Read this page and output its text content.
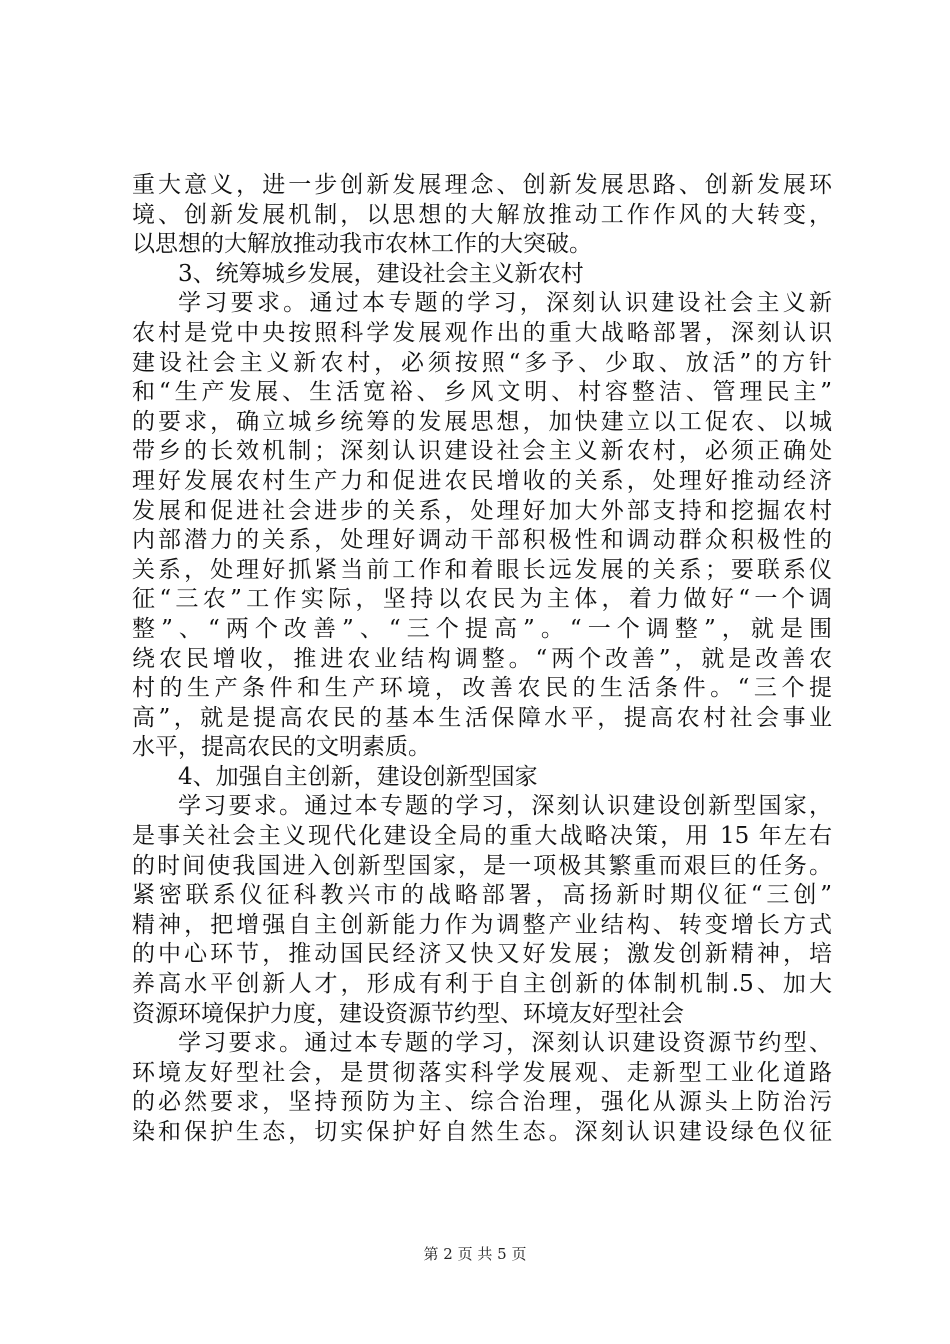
重大意义，进一步创新发展理念、创新发展思路、创新发展环
境、创新发展机制，以思想的大解放推动工作作风的大转变，
以思想的大解放推动我市农林工作的大突破。
3、统筹城乡发展，建设社会主义新农村
学习要求。通过本专题的学习，深刻认识建设社会主义新
农村是党中央按照科学发展观作出的重大战略部署，深刻认识
建设社会主义新农村，必须按照“多予、少取、放活”的方针
和“生产发展、生活宽裕、乡风文明、村容整洁、管理民主”
的要求，确立城乡统筹的发展思想，加快建立以工促农、以城
带乡的长效机制；深刻认识建设社会主义新农村，必须正确处
理好发展农村生产力和促进农民增收的关系，处理好推动经济
发展和促进社会进步的关系，处理好加大外部支持和挖掘农村
内部潜力的关系，处理好调动干部积极性和调动群众积极性的
关系，处理好抓紧当前工作和着眼长远发展的关系；要联系仪
征“三农”工作实际，坚持以农民为主体，着力做好“一个调
整”、“两个改善”、“三个提高”。“一个调整”，就是围
绕农民增收，推进农业结构调整。“两个改善”，就是改善农
村的生产条件和生产环境，改善农民的生活条件。“三个提
高”，就是提高农民的基本生活保障水平，提高农村社会事业
水平，提高农民的文明素质。
4、加强自主创新，建设创新型国家
学习要求。通过本专题的学习，深刻认识建设创新型国家，
是事关社会主义现代化建设全局的重大战略决策，用 15 年左右
的时间使我国进入创新型国家，是一项极其繁重而艰巨的任务。
紧密联系仪征科教兴市的战略部署，高扬新时期仪征“三创”
精神，把增强自主创新能力作为调整产业结构、转变增长方式
的中心环节，推动国民经济又快又好发展；激发创新精神，培
养高水平创新人才，形成有利于自主创新的体制机制.5、加大
资源环境保护力度，建设资源节约型、环境友好型社会
学习要求。通过本专题的学习，深刻认识建设资源节约型、
环境友好型社会，是贯彻落实科学发展观、走新型工业化道路
的必然要求，坚持预防为主、综合治理，强化从源头上防治污
染和保护生态，切实保护好自然生态。深刻认识建设绿色仪征
第 2 页 共 5 页
